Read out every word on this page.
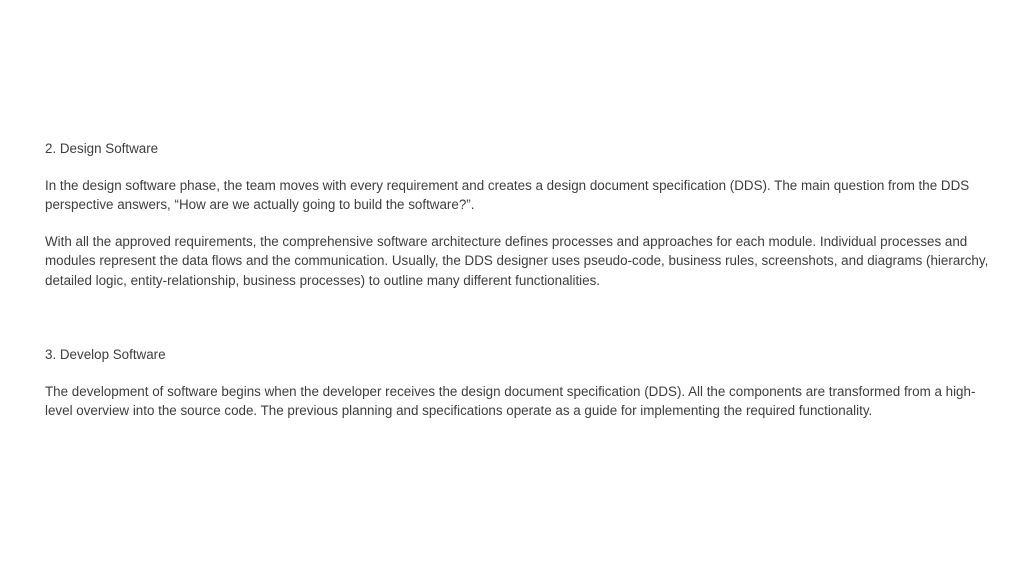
2. Design Software

In the design software phase, the team moves with every requirement and creates a design document specification (DDS). The main question from the DDS perspective answers, “How are we actually going to build the software?”.

With all the approved requirements, the comprehensive software architecture defines processes and approaches for each module. Individual processes and modules represent the data flows and the communication. Usually, the DDS designer uses pseudo-code, business rules, screenshots, and diagrams (hierarchy, detailed logic, entity-relationship, business processes) to outline many different functionalities.

3. Develop Software

The development of software begins when the developer receives the design document specification (DDS). All the components are transformed from a high-level overview into the source code. The previous planning and specifications operate as a guide for implementing the required functionality.
